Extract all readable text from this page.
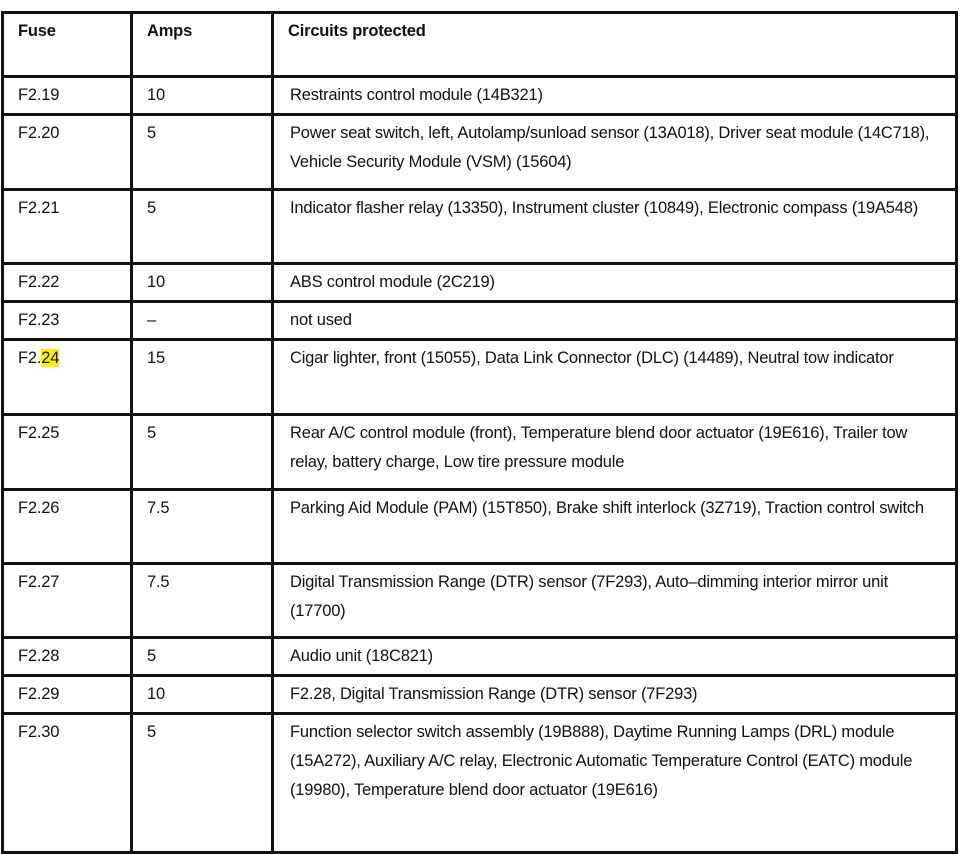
Fuse	Amps	Circuits protected
F2.19	10	Restraints control module (14B321)
F2.20	5	Power seat switch, left, Autolamp/sunload sensor (13A018), Driver seat module (14C718), Vehicle Security Module (VSM) (15604)
F2.21	5	Indicator flasher relay (13350), Instrument cluster (10849), Electronic compass (19A548)
F2.22	10	ABS control module (2C219)
F2.23	–	not used
F2.24	15	Cigar lighter, front (15055), Data Link Connector (DLC) (14489), Neutral tow indicator
F2.25	5	Rear A/C control module (front), Temperature blend door actuator (19E616), Trailer tow relay, battery charge, Low tire pressure module
F2.26	7.5	Parking Aid Module (PAM) (15T850), Brake shift interlock (3Z719), Traction control switch
F2.27	7.5	Digital Transmission Range (DTR) sensor (7F293), Auto–dimming interior mirror unit (17700)
F2.28	5	Audio unit (18C821)
F2.29	10	F2.28, Digital Transmission Range (DTR) sensor (7F293)
F2.30	5	Function selector switch assembly (19B888), Daytime Running Lamps (DRL) module (15A272), Auxiliary A/C relay, Electronic Automatic Temperature Control (EATC) module (19980), Temperature blend door actuator (19E616)
